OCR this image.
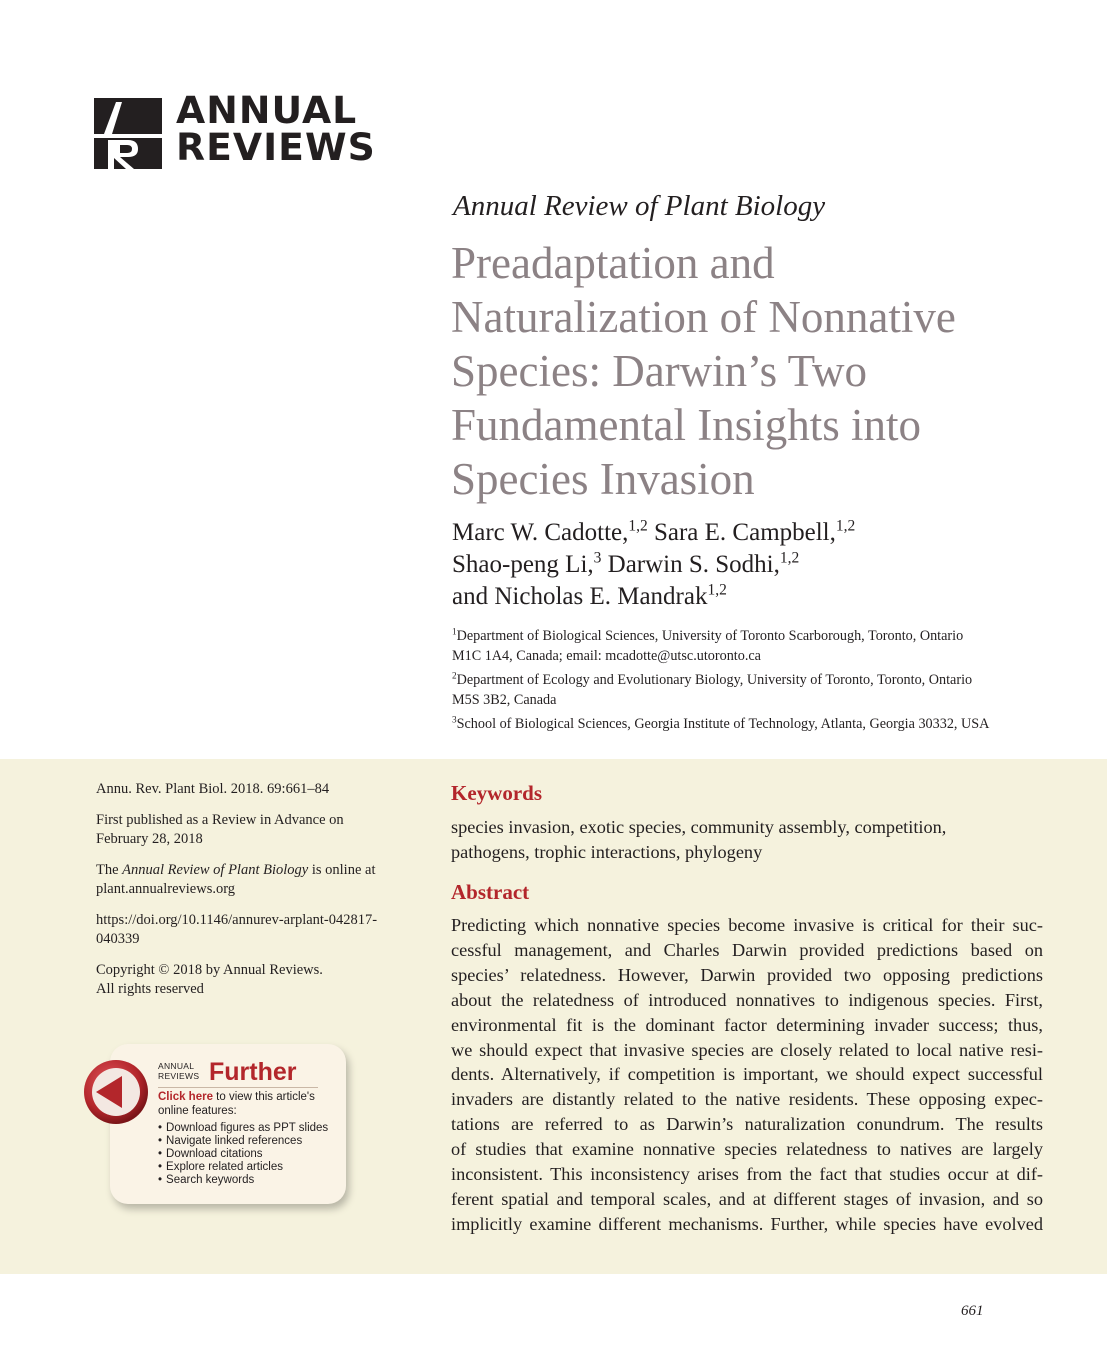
ANNUAL
REVIEWS
Annual Review of Plant Biology
Preadaptation and
Naturalization of Nonnative
Species: Darwin’s Two
Fundamental Insights into
Species Invasion
Marc W. Cadotte,$^{1,2}$ Sara E. Campbell,$^{1,2}$
Shao-peng Li,$^3$ Darwin S. Sodhi,$^{1,2}$
and Nicholas E. Mandrak$^{1,2}$

$^1$Department of Biological Sciences, University of Toronto Scarborough, Toronto, Ontario
M1C 1A4, Canada; email: mcadotte@utsc.utoronto.ca

$^2$Department of Ecology and Evolutionary Biology, University of Toronto, Toronto, Ontario
M5S 3B2, Canada

$^3$School of Biological Sciences, Georgia Institute of Technology, Atlanta, Georgia 30332, USA

Annu. Rev. Plant Biol. 2018. 69:661–84

First published as a Review in Advance on
February 28, 2018

The Annual Review of Plant Biology is online at
plant.annualreviews.org

https://doi.org/10.1146/annurev-arplant-042817-
040339

Copyright © 2018 by Annual Reviews.
All rights reserved

Keywords
species invasion, exotic species, community assembly, competition,
pathogens, trophic interactions, phylogeny
Abstract
Predicting which nonnative species become invasive is critical for their suc-
cessful management, and Charles Darwin provided predictions based on
species’ relatedness. However, Darwin provided two opposing predictions
about the relatedness of introduced nonnatives to indigenous species. First,
environmental fit is the dominant factor determining invader success; thus,
we should expect that invasive species are closely related to local native resi-
dents. Alternatively, if competition is important, we should expect successful
invaders are distantly related to the native residents. These opposing expec-
tations are referred to as Darwin’s naturalization conundrum. The results
of studies that examine nonnative species relatedness to natives are largely
inconsistent. This inconsistency arises from the fact that studies occur at dif-
ferent spatial and temporal scales, and at different stages of invasion, and so
implicitly examine different mechanisms. Further, while species have evolved
ANNUAL
REVIEWS Further
Click here to view this article's
online features:
• Download figures as PPT slides
• Navigate linked references
• Download citations
• Explore related articles
• Search keywords
661
